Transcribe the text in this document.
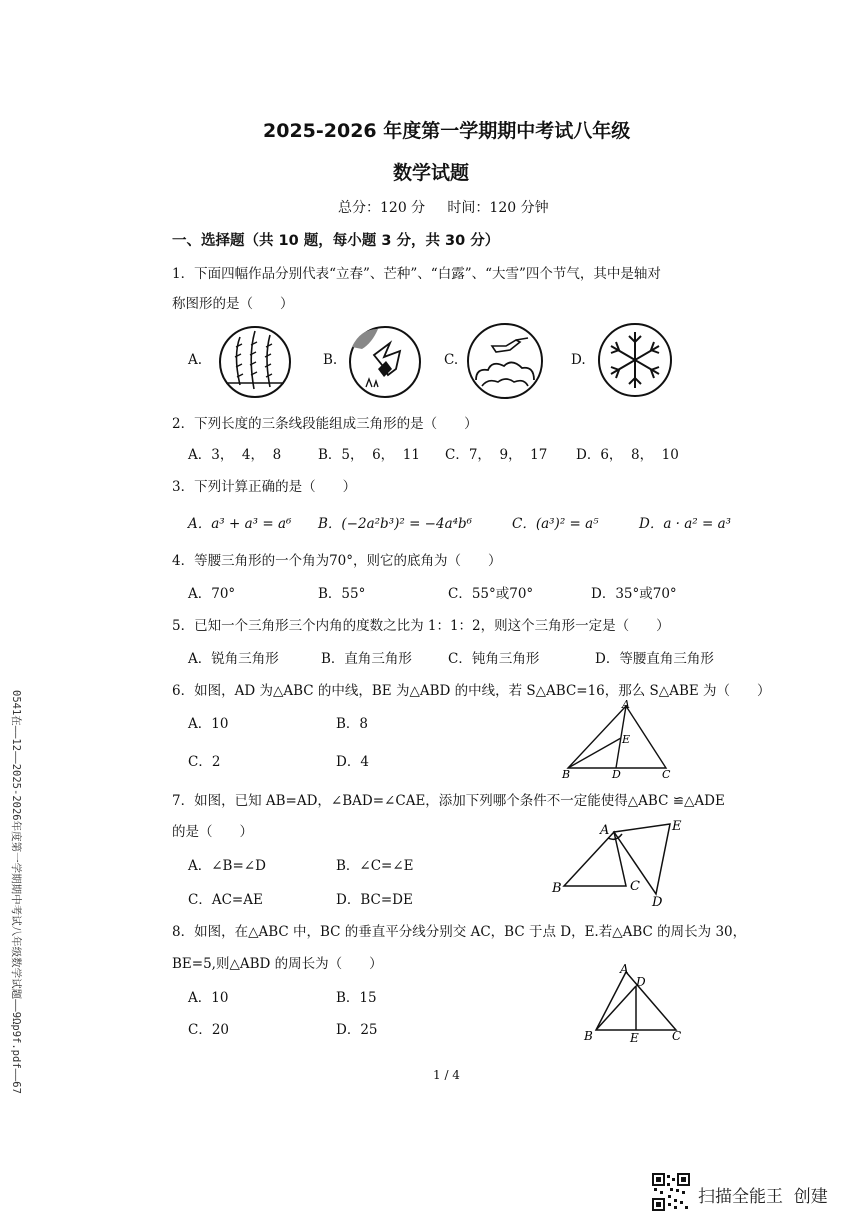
2025-2026 年度第一学期期中考试八年级
数学试题
总分：120 分     时间：120 分钟
一、选择题（共 10 题，每小题 3 分，共 30 分）
1．下面四幅作品分别代表“立春”、芒种”、“白露”、“大雪”四个节气，其中是轴对
称图形的是（　　）
A.	B.	C.	D.
2．下列长度的三条线段能组成三角形的是（　　）
A．3，  4，  8	B．5，  6，  11 C．7，  9，  17 D．6，  8，  10
3．下列计算正确的是（　　）
A．a³ + a³ = a⁶ B．(−2a²b³)² = −4a⁴b⁶	C．(a³)² = a⁵	D．a · a² = a³
4．等腰三角形的一个角为70°，则它的底角为（　　）
A．70°	B．55°	C．55°或70°	D．35°或70°
5．已知一个三角形三个内角的度数之比为 1：1：2，则这个三角形一定是（　　）
A．锐角三角形	B．直角三角形	C．钝角三角形	D．等腰直角三角形
6．如图，AD 为△ABC 的中线，BE 为△ABD 的中线，若 S△ABC=16，那么 S△ABE 为（　　）
A．10	B．8
C．2	D．4
A
E
B	D	C
7．如图，已知 AB=AD，∠BAD=∠CAE，添加下列哪个条件不一定能使得△ABC ≌△ADE
的是（　　）
A．∠B=∠D	B．∠C=∠E
C．AC=AE	D．BC=DE
A	E
B	C
D
8．如图，在△ABC 中，BC 的垂直平分线分别交 AC，BC 于点 D，E.若△ABC 的周长为 30，
BE=5,则△ABD 的周长为（　　）
A．10	B．15
C．20	D．25
A
D
B	E	C
1 / 4
0541在——12——2025-2026年度第一学期期中考试八年级数学试题——9Ωp9f.pdf——67
扫描全能王  创建
